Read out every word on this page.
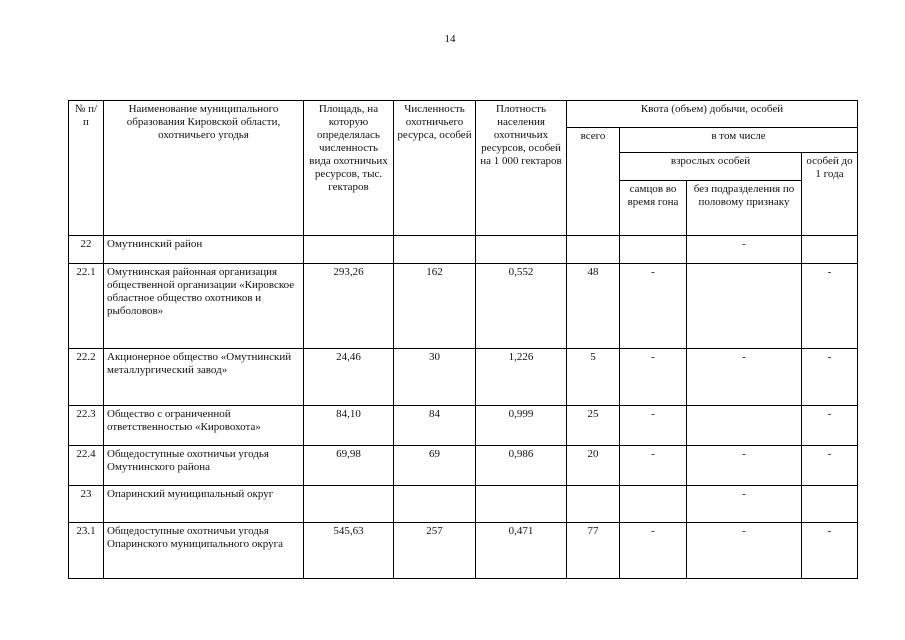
14
№ п/п	Наименование муниципального образования Кировской области, охотничьего угодья	Площадь, на которую определялась численность вида охотничьих ресурсов, тыс. гектаров	Численность охотничьего ресурса, особей	Плотность населения охотничьих ресурсов, особей на 1 000 гектаров	Квота (объем) добычи, особей			
					всего	в том числе		
						взрослых особей		особей до 1 года
						самцов во время гона	без подразделения по половому признаку	
22	Омутнинский район						-	
22.1	Омутнинская районная организация общественной организации «Кировское областное общество охотников и рыболовов»	293,26	162	0,552	48	-		-
22.2	Акционерное общество «Омутнинский металлургический завод»	24,46	30	1,226	5	-	-	-
22.3	Общество с ограниченной ответственностью «Кировохота»	84,10	84	0,999	25	-		-
22.4	Общедоступные охотничьи угодья Омутнинского района	69,98	69	0,986	20	-	-	-
23	Опаринский муниципальный округ						-	
23.1	Общедоступные охотничьи угодья Опаринского муниципального округа	545,63	257	0,471	77	-	-	-
